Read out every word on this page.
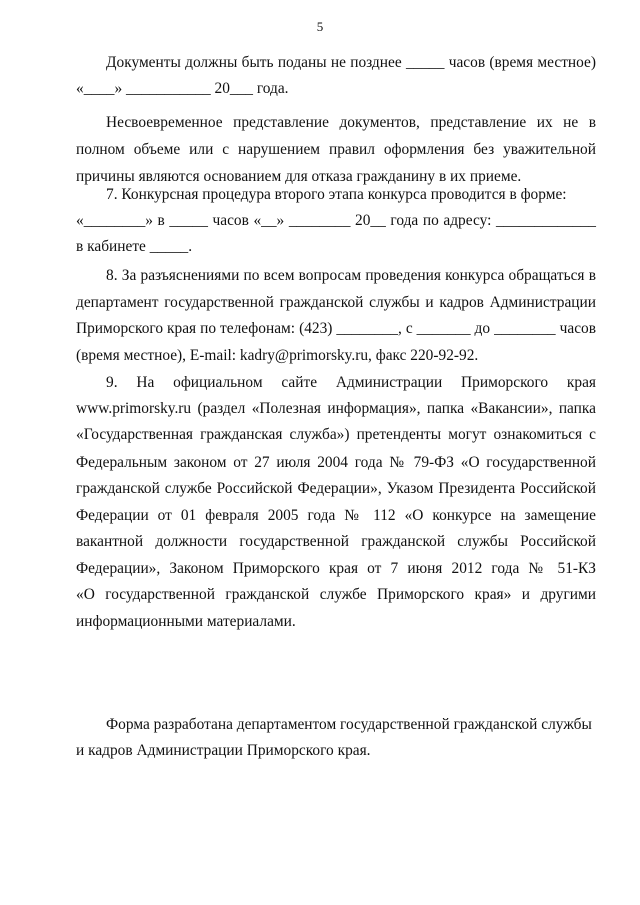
5
Документы должны быть поданы не позднее _____ часов (время местное)
«____» ___________ 20___ года.
Несвоевременное представление документов, представление их не в
полном объеме или с нарушением правил оформления без уважительной
причины являются основанием для отказа гражданину в их приеме.
7. Конкурсная процедура второго этапа конкурса проводится в форме:
«________» в _____ часов «__» ________ 20__ года по адресу: _____________
в кабинете _____.
8. За разъяснениями по всем вопросам проведения конкурса обращаться в
департамент государственной гражданской службы и кадров Администрации
Приморского края по телефонам: (423) ________, с _______ до ________ часов
(время местное), E-mail: kadry@primorsky.ru, факс 220-92-92.
9. На официальном сайте Администрации Приморского края
www.primorsky.ru (раздел «Полезная информация», папка «Вакансии», папка
«Государственная гражданская служба») претенденты могут ознакомиться с
Федеральным законом от 27 июля 2004 года № 79-ФЗ «О государственной
гражданской службе Российской Федерации», Указом Президента Российской
Федерации от 01 февраля 2005 года № 112 «О конкурсе на замещение
вакантной должности государственной гражданской службы Российской
Федерации», Законом Приморского края от 7 июня 2012 года № 51-КЗ
«О государственной гражданской службе Приморского края» и другими
информационными материалами.
Форма разработана департаментом государственной гражданской службы
и кадров Администрации Приморского края.
